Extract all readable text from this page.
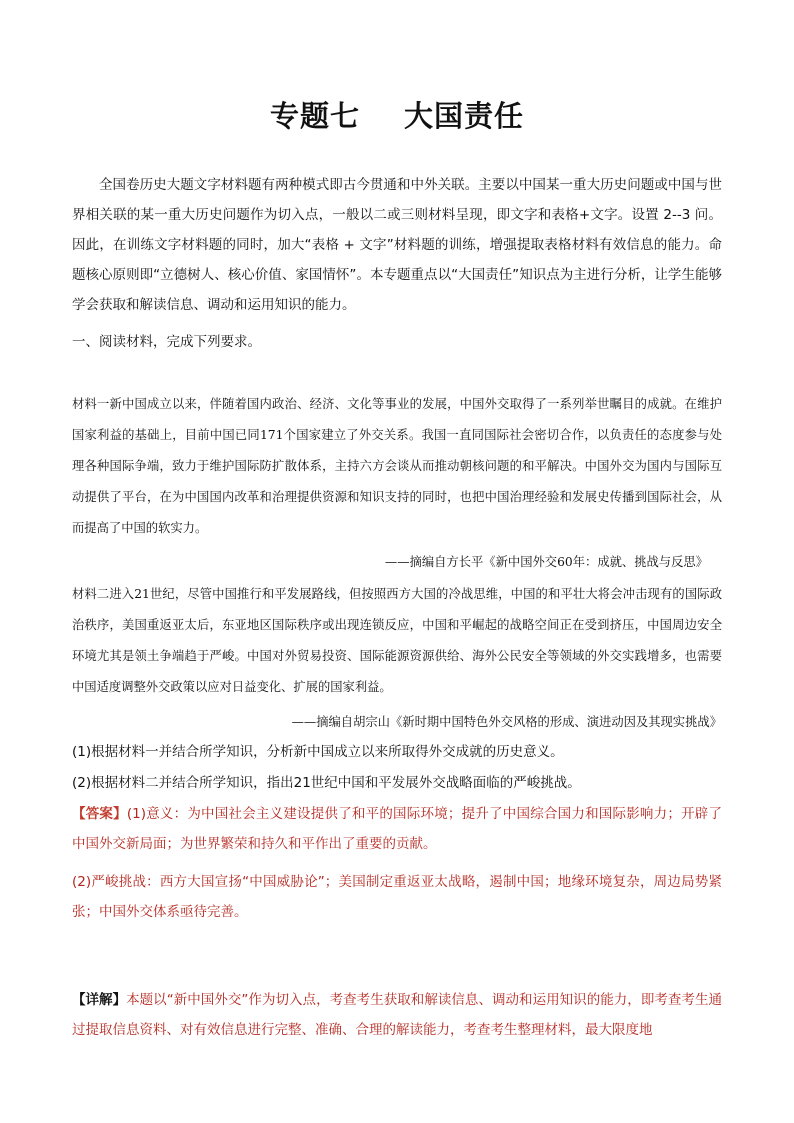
专题七 大国责任
全国卷历史大题文字材料题有两种模式即古今贯通和中外关联。主要以中国某一重大历史问题或中国与世界相关联的某一重大历史问题作为切入点，一般以二或三则材料呈现，即文字和表格+文字。设置 2--3 问。因此，在训练文字材料题的同时，加大“表格 + 文字”材料题的训练，增强提取表格材料有效信息的能力。命题核心原则即“立德树人、核心价值、家国情怀”。本专题重点以“大国责任”知识点为主进行分析，让学生能够学会获取和解读信息、调动和运用知识的能力。
一、阅读材料，完成下列要求。
材料一新中国成立以来，伴随着国内政治、经济、文化等事业的发展，中国外交取得了一系列举世瞩目的成就。在维护国家利益的基础上，目前中国已同171个国家建立了外交关系。我国一直同国际社会密切合作，以负责任的态度参与处理各种国际争端，致力于维护国际防扩散体系，主持六方会谈从而推动朝核问题的和平解决。中国外交为国内与国际互动提供了平台，在为中国国内改革和治理提供资源和知识支持的同时，也把中国治理经验和发展史传播到国际社会，从而提高了中国的软实力。
——摘编自方长平《新中国外交60年：成就、挑战与反思》
材料二进入21世纪，尽管中国推行和平发展路线，但按照西方大国的冷战思维，中国的和平壮大将会冲击现有的国际政治秩序，美国重返亚太后，东亚地区国际秩序或出现连锁反应，中国和平崛起的战略空间正在受到挤压，中国周边安全环境尤其是领土争端趋于严峻。中国对外贸易投资、国际能源资源供给、海外公民安全等领域的外交实践增多，也需要中国适度调整外交政策以应对日益变化、扩展的国家利益。
——摘编自胡宗山《新时期中国特色外交风格的形成、演进动因及其现实挑战》
(1)根据材料一并结合所学知识，分析新中国成立以来所取得外交成就的历史意义。
(2)根据材料二并结合所学知识，指出21世纪中国和平发展外交战略面临的严峻挑战。
【答案】(1)意义：为中国社会主义建设提供了和平的国际环境；提升了中国综合国力和国际影响力；开辟了中国外交新局面；为世界繁荣和持久和平作出了重要的贡献。
(2)严峻挑战：西方大国宣扬“中国威胁论”；美国制定重返亚太战略，遏制中国；地缘环境复杂，周边局势紧张；中国外交体系亟待完善。
【详解】本题以“新中国外交”作为切入点，考查考生获取和解读信息、调动和运用知识的能力，即考查考生通过提取信息资料、对有效信息进行完整、准确、合理的解读能力，考查考生整理材料，最大限度地
